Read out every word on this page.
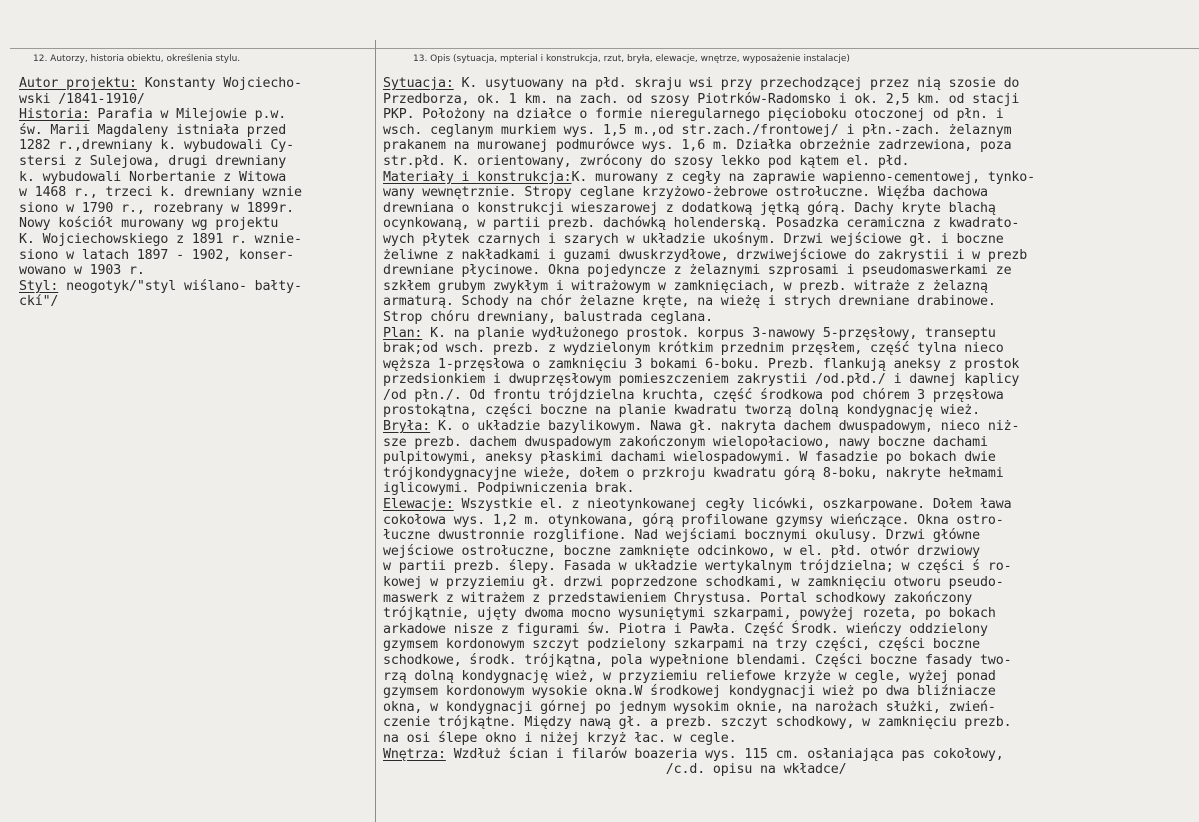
12. Autorzy, historia obiektu, określenia stylu.	13. Opis (sytuacja, mpterial i konstrukcja, rzut, bryła, elewacje, wnętrze, wyposażenie instalacje)
Autor projektu: Konstanty Wojciecho-
wski /1841-1910/
Historia: Parafia w Milejowie p.w.
św. Marii Magdaleny istniała przed
1282 r.,drewniany k. wybudowali Cy-
stersi z Sulejowa, drugi drewniany
k. wybudowali Norbertanie z Witowa
w 1468 r., trzeci k. drewniany wznie
siono w 1790 r., rozebrany w 1899r.
Nowy kościół murowany wg projektu
K. Wojciechowskiego z 1891 r. wznie-
siono w latach 1897 - 1902, konser-
wowano w 1903 r.
Styl: neogotyk/"styl wiślano- bałty-
ckí"/
Sytuacja: K. usytuowany na płd. skraju wsi przy przechodzącej przez nią szosie do
Przedborza, ok. 1 km. na zach. od szosy Piotrków-Radomsko i ok. 2,5 km. od stacji
PKP. Położony na działce o formie nieregularnego pięcioboku otoczonej od płn. i
wsch. ceglanym murkiem wys. 1,5 m.,od str.zach./frontowej/ i płn.-zach. żelaznym
prakanem na murowanej podmurówce wys. 1,6 m. Działka obrzeżnie zadrzewiona, poza
str.płd. K. orientowany, zwrócony do szosy lekko pod kątem el. płd.
Materiały i konstrukcja:K. murowany z cegły na zaprawie wapienno-cementowej, tynko-
wany wewnętrznie. Stropy ceglane krzyżowo-żebrowe ostrołuczne. Więźba dachowa
drewniana o konstrukcji wieszarowej z dodatkową jętką górą. Dachy kryte blachą
ocynkowaną, w partii prezb. dachówką holenderską. Posadzka ceramiczna z kwadrato-
wych płytek czarnych i szarych w układzie ukośnym. Drzwi wejściowe gł. i boczne
żeliwne z nakładkami i guzami dwuskrzydłowe, drzwiwejściowe do zakrystii i w prezb
drewniane płycinowe. Okna pojedyncze z żelaznymi szprosami i pseudomaswerkami ze
szkłem grubym zwykłym i witrażowym w zamknięciach, w prezb. witraże z żelazną
armaturą. Schody na chór żelazne kręte, na wieżę i strych drewniane drabinowe.
Strop chóru drewniany, balustrada ceglana.
Plan: K. na planie wydłużonego prostok. korpus 3-nawowy 5-przęsłowy, transeptu
brak;od wsch. prezb. z wydzielonym krótkim przednim przęsłem, część tylna nieco
węższa 1-przęsłowa o zamknięciu 3 bokami 6-boku. Prezb. flankują aneksy z prostok
przedsionkiem i dwuprzęsłowym pomieszczeniem zakrystii /od.płd./ i dawnej kaplicy
/od płn./. Od frontu trójdzielna kruchta, część środkowa pod chórem 3 przęsłowa
prostokątna, części boczne na planie kwadratu tworzą dolną kondygnację wież.
Bryła: K. o układzie bazylikowym. Nawa gł. nakryta dachem dwuspadowym, nieco niż-
sze prezb. dachem dwuspadowym zakończonym wielopołaciowo, nawy boczne dachami
pulpitowymi, aneksy płaskimi dachami wielospadowymi. W fasadzie po bokach dwie
trójkondygnacyjne wieże, dołem o przkroju kwadratu górą 8-boku, nakryte hełmami
iglicowymi. Podpiwniczenia brak.
Elewacje: Wszystkie el. z nieotynkowanej cegły licówki, oszkarpowane. Dołem ława
cokołowa wys. 1,2 m. otynkowana, górą profilowane gzymsy wieńczące. Okna ostro-
łuczne dwustronnie rozglifione. Nad wejściami bocznymi okulusy. Drzwi główne
wejściowe ostrołuczne, boczne zamknięte odcinkowo, w el. płd. otwór drzwiowy
w partii prezb. ślepy. Fasada w układzie wertykalnym trójdzielna; w części ś ro-
kowej w przyziemiu gł. drzwi poprzedzone schodkami, w zamknięciu otworu pseudo-
maswerk z witrażem z przedstawieniem Chrystusa. Portal schodkowy zakończony
trójkątnie, ujęty dwoma mocno wysuniętymi szkarpami, powyżej rozeta, po bokach
arkadowe nisze z figurami św. Piotra i Pawła. Część Środk. wieńczy oddzielony
gzymsem kordonowym szczyt podzielony szkarpami na trzy części, części boczne
schodkowe, środk. trójkątna, pola wypełnione blendami. Części boczne fasady two-
rzą dolną kondygnację wież, w przyziemiu reliefowe krzyże w cegle, wyżej ponad
gzymsem kordonowym wysokie okna.W środkowej kondygnacji wież po dwa bliźniacze
okna, w kondygnacji górnej po jednym wysokim oknie, na narożach służki, zwień-
czenie trójkątne. Między nawą gł. a prezb. szczyt schodkowy, w zamknięciu prezb.
na osi ślepe okno i niżej krzyż łac. w cegle.
Wnętrza: Wzdłuż ścian i filarów boazeria wys. 115 cm. osłaniająca pas cokołowy,
/c.d. opisu na wkładce/
